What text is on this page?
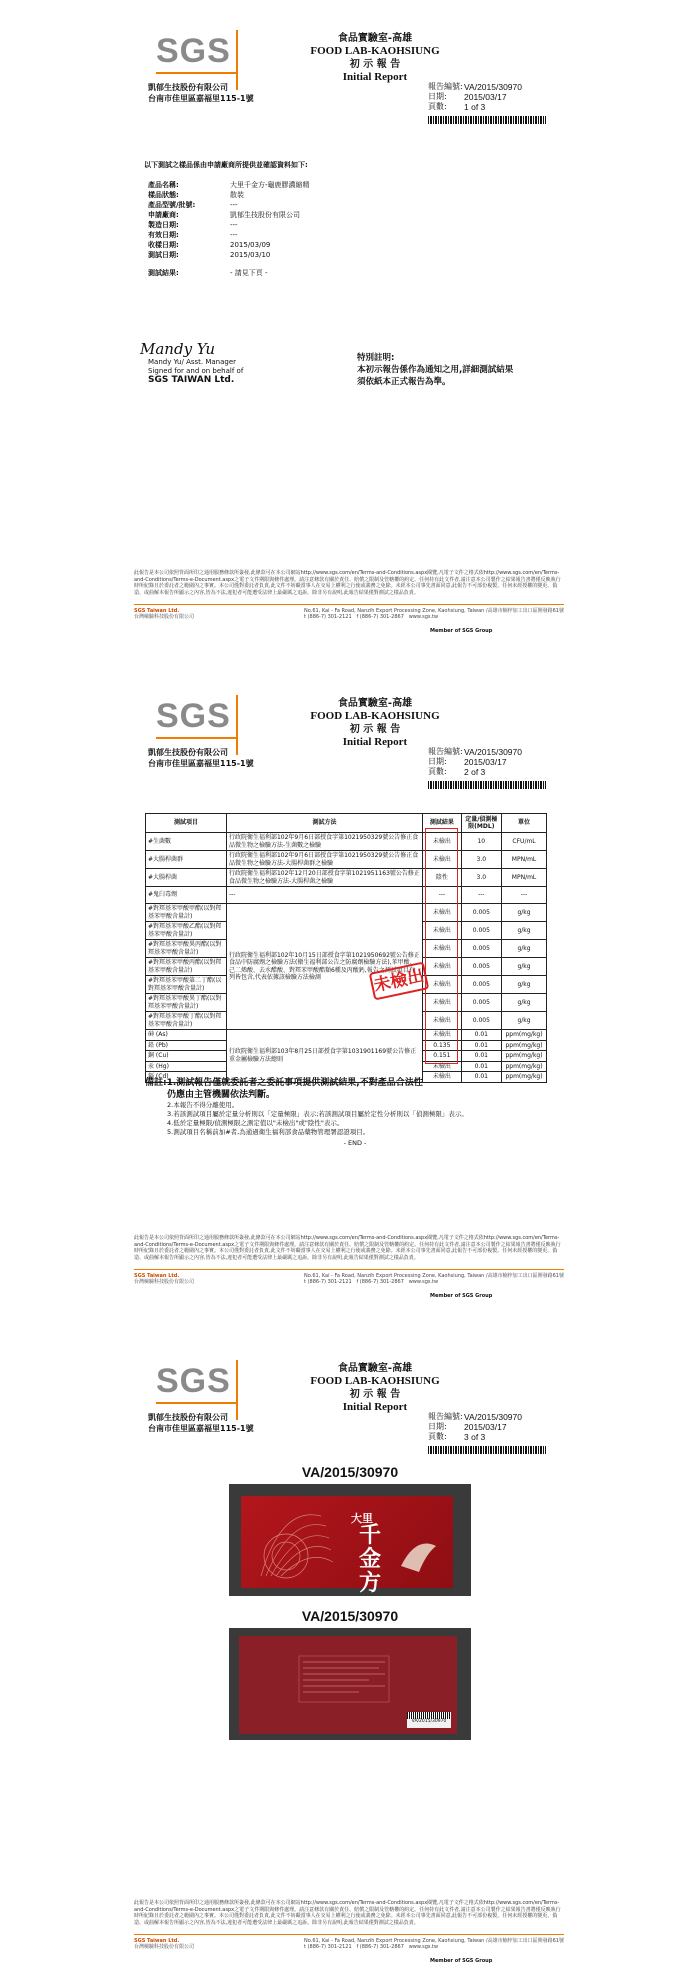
SGS	食品實驗室-高雄
FOOD LAB-KAOHSIUNG
初 示 報 告
Initial Report
凱郁生技股份有限公司
台南市佳里區嘉福里115-1號
報告編號: VA/2015/30970
日期:	2015/03/17
頁數:	1 of 3
以下測試之樣品係由申請廠商所提供並確認資料如下:
產品名稱:	大里千金方-龜鹿膠濃縮精
樣品狀態:	散裝
產品型號/批號:	---
申請廠商:	凱郁生技股份有限公司
製造日期:	---
有效日期:	---
收樣日期:	2015/03/09
測試日期:	2015/03/10
測試結果:	- 請見下頁 -
Mandy Yu
Mandy Yu/ Asst. Manager
Signed for and on behalf of
SGS TAIWAN Ltd.
特別註明:
本初示報告係作為通知之用,詳細測試結果
須依紙本正式報告為準。
此報告是本公司依照背面所印之通用服務條款所簽發,此條款可在本公司網站http://www.sgs.com/en/Terms-and-Conditions.aspx閱覽,凡電子文件之格式依http://www.sgs.com/en/Terms-and-Conditions/Terms-e-Document.aspx之電子文件期限與條件處理。請注意條款有關於責任、賠償之限制及管轄權的約定。任何持有此文件者,請注意本公司製作之結果報告書將僅反映執行時所紀錄且於委託者之範圍內之事實。本公司僅對委託者負責,此文件不妨礙當事人在交易上權利之行使或義務之免除。未經本公司事先書面同意,此報告不可部份複製。任何未經授權的變更、偽造、或曲解本報告所顯示之內容,皆為不法,違犯者可能遭受法律上最嚴厲之追訴。除非另有說明,此報告結果僅對測試之樣品負責。
SGS Taiwan Ltd.
台灣檢驗科技股份有限公司
No.61, Kai - Fa Road, Nanzih Export Processing Zone, Kaohsiung, Taiwan /高雄市楠梓加工出口區開發路61號
t (886-7) 301-2121 f (886-7) 301-2867 www.sgs.tw
Member of SGS Group
SGS	食品實驗室-高雄
FOOD LAB-KAOHSIUNG
初 示 報 告
Initial Report
凱郁生技股份有限公司
台南市佳里區嘉福里115-1號
報告編號: VA/2015/30970
日期:	2015/03/17
頁數:	2 of 3
測試項目	測試方法	測試結果	定量/偵測極限(MDL)	單位
#生菌數	行政院衛生福利部102年9月6日部授食字第1021950329號公告修正食品微生物之檢驗方法-生菌數之檢驗	未檢出	10	CFU/mL
#大腸桿菌群	行政院衛生福利部102年9月6日部授食字第1021950329號公告修正食品微生物之檢驗方法-大腸桿菌群之檢驗	未檢出	3.0	MPN/mL
#大腸桿菌	行政院衛生福利部102年12月20日部授食字第1021951163號公告修正食品微生物之檢驗方法-大腸桿菌之檢驗	陰性	3.0	MPN/mL
#鬼臼毒劑	---	---	---	---
#對羥基苯甲酸甲酯(以對羥基苯甲酸含量計)	行政院衛生福利部102年10月15日部授食字第1021950692號公告修正食品中防腐劑之檢驗方法(衛生福利部公告之防腐劑檢驗方法),苯甲酸、己二烯酸、去水醋酸、對羥苯甲酸酯類6種及丙酸鈣,報告之測試項目有列皆包含,代表依據該檢驗方法檢測	未檢出	0.005	g/kg
#對羥基苯甲酸乙酯(以對羥基苯甲酸含量計)		未檢出	0.005	g/kg
#對羥基苯甲酸異丙酯(以對羥基苯甲酸含量計)		未檢出	0.005	g/kg
#對羥基苯甲酸丙酯(以對羥基苯甲酸含量計)		未檢出	0.005	g/kg
#對羥基苯甲酸第二丁酯(以對羥基苯甲酸含量計)		未檢出	0.005	g/kg
#對羥基苯甲酸異丁酯(以對羥基苯甲酸含量計)		未檢出	0.005	g/kg
#對羥基苯甲酸丁酯(以對羥基苯甲酸含量計)		未檢出	0.005	g/kg
砷 (As)	行政院衛生福利部103年8月25日部授食字第1031901169號公告修正重金屬檢驗方法總則	未檢出	0.01	ppm(mg/kg)
鉛 (Pb)		0.135	0.01	ppm(mg/kg)
銅 (Cu)		0.151	0.01	ppm(mg/kg)
汞 (Hg)		未檢出	0.01	ppm(mg/kg)
鎘 (Cd)		未檢出	0.01	ppm(mg/kg)
未檢出
備註:1.測試報告僅就委託者之委託事項提供測試結果,不對產品合法性
仍應由主管機關依法判斷。
2.本報告不得分離使用。
3.若該測試項目屬於定量分析則以「定量極限」表示;若該測試項目屬於定性分析則以「偵測極限」表示。
4.低於定量極限/偵測極限之測定值以"未檢出"或"陰性"表示。
5.測試項目名稱前加#者,為通過衛生福利部食品藥物管理署認證項目。
- END -
此報告是本公司依照背面所印之通用服務條款所簽發,此條款可在本公司網站http://www.sgs.com/en/Terms-and-Conditions.aspx閱覽,凡電子文件之格式依http://www.sgs.com/en/Terms-and-Conditions/Terms-e-Document.aspx之電子文件期限與條件處理。請注意條款有關於責任、賠償之限制及管轄權的約定。任何持有此文件者,請注意本公司製作之結果報告書將僅反映執行時所紀錄且於委託者之範圍內之事實。本公司僅對委託者負責,此文件不妨礙當事人在交易上權利之行使或義務之免除。未經本公司事先書面同意,此報告不可部份複製。任何未經授權的變更、偽造、或曲解本報告所顯示之內容,皆為不法,違犯者可能遭受法律上最嚴厲之追訴。除非另有說明,此報告結果僅對測試之樣品負責。
SGS Taiwan Ltd.
台灣檢驗科技股份有限公司
No.61, Kai - Fa Road, Nanzih Export Processing Zone, Kaohsiung, Taiwan /高雄市楠梓加工出口區開發路61號
t (886-7) 301-2121 f (886-7) 301-2867 www.sgs.tw
Member of SGS Group
SGS	食品實驗室-高雄
FOOD LAB-KAOHSIUNG
初 示 報 告
Initial Report
凱郁生技股份有限公司
台南市佳里區嘉福里115-1號
報告編號: VA/2015/30970
日期:	2015/03/17
頁數:	3 of 3
VA/2015/30970
大里
千金方
VA/2015/30970
VA/2015/30970
此報告是本公司依照背面所印之通用服務條款所簽發,此條款可在本公司網站http://www.sgs.com/en/Terms-and-Conditions.aspx閱覽,凡電子文件之格式依http://www.sgs.com/en/Terms-and-Conditions/Terms-e-Document.aspx之電子文件期限與條件處理。請注意條款有關於責任、賠償之限制及管轄權的約定。任何持有此文件者,請注意本公司製作之結果報告書將僅反映執行時所紀錄且於委託者之範圍內之事實。本公司僅對委託者負責,此文件不妨礙當事人在交易上權利之行使或義務之免除。未經本公司事先書面同意,此報告不可部份複製。任何未經授權的變更、偽造、或曲解本報告所顯示之內容,皆為不法,違犯者可能遭受法律上最嚴厲之追訴。除非另有說明,此報告結果僅對測試之樣品負責。
SGS Taiwan Ltd.
台灣檢驗科技股份有限公司
No.61, Kai - Fa Road, Nanzih Export Processing Zone, Kaohsiung, Taiwan /高雄市楠梓加工出口區開發路61號
t (886-7) 301-2121 f (886-7) 301-2867 www.sgs.tw
Member of SGS Group
